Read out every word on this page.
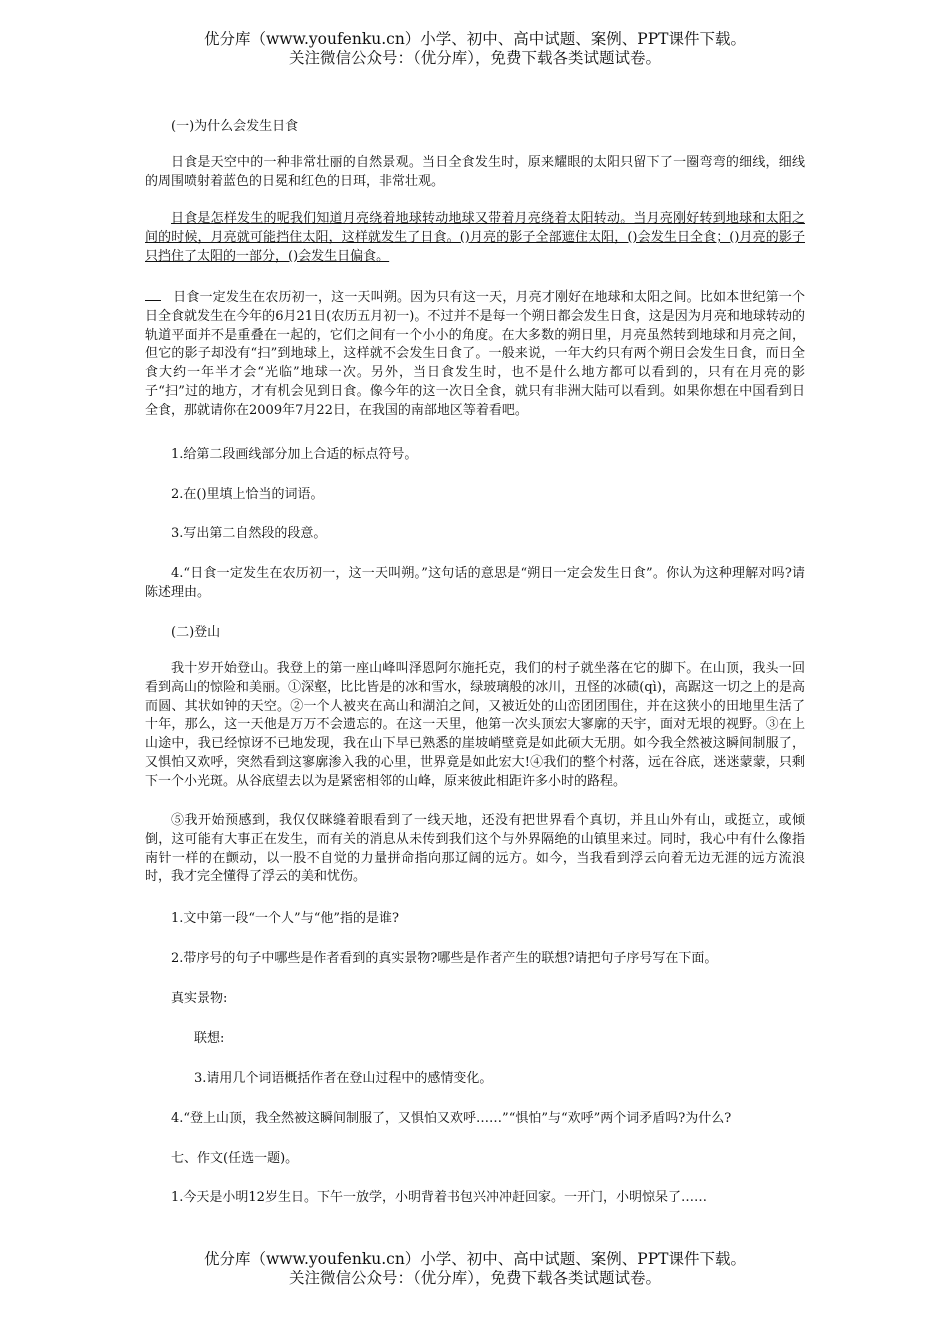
优分库（www.youfenku.cn）小学、初中、高中试题、案例、PPT课件下载。
关注微信公众号：（优分库），免费下载各类试题试卷。
(一)为什么会发生日食
日食是天空中的一种非常壮丽的自然景观。当日全食发生时，原来耀眼的太阳只留下了一圈弯弯的细线，细线的周围喷射着蓝色的日冕和红色的日珥，非常壮观。
日食是怎样发生的呢我们知道月亮绕着地球转动地球又带着月亮绕着太阳转动。当月亮刚好转到地球和太阳之间的时候，月亮就可能挡住太阳，这样就发生了日食。()月亮的影子全部遮住太阳，()会发生日全食；()月亮的影子只挡住了太阳的一部分，()会发生日偏食。
日食一定发生在农历初一，这一天叫朔。因为只有这一天，月亮才刚好在地球和太阳之间。比如本世纪第一个日全食就发生在今年的6月21日(农历五月初一)。不过并不是每一个朔日都会发生日食，这是因为月亮和地球转动的轨道平面并不是重叠在一起的，它们之间有一个小小的角度。在大多数的朔日里，月亮虽然转到地球和月亮之间，但它的影子却没有“扫”到地球上，这样就不会发生日食了。一般来说，一年大约只有两个朔日会发生日食，而日全食大约一年半才会“光临”地球一次。另外，当日食发生时，也不是什么地方都可以看到的，只有在月亮的影子“扫”过的地方，才有机会见到日食。像今年的这一次日全食，就只有非洲大陆可以看到。如果你想在中国看到日全食，那就请你在2009年7月22日，在我国的南部地区等着看吧。
1.给第二段画线部分加上合适的标点符号。
2.在()里填上恰当的词语。
3.写出第二自然段的段意。
4.“日食一定发生在农历初一，这一天叫朔。”这句话的意思是“朔日一定会发生日食”。你认为这种理解对吗?请陈述理由。
(二)登山
我十岁开始登山。我登上的第一座山峰叫泽恩阿尔施托克，我们的村子就坐落在它的脚下。在山顶，我头一回看到高山的惊险和美丽。①深壑，比比皆是的冰和雪水，绿玻璃般的冰川，丑怪的冰碛(qì)，高踞这一切之上的是高而圆、其状如钟的天空。②一个人被夹在高山和湖泊之间，又被近处的山峦团团围住，并在这狭小的田地里生活了十年，那么，这一天他是万万不会遗忘的。在这一天里，他第一次头顶宏大寥廓的天宇，面对无垠的视野。③在上山途中，我已经惊讶不已地发现，我在山下早已熟悉的崖坡峭壁竟是如此硕大无朋。如今我全然被这瞬间制服了，又惧怕又欢呼，突然看到这寥廓渗入我的心里，世界竟是如此宏大!④我们的整个村落，远在谷底，迷迷蒙蒙，只剩下一个小光斑。从谷底望去以为是紧密相邻的山峰，原来彼此相距许多小时的路程。
⑤我开始预感到，我仅仅眯缝着眼看到了一线天地，还没有把世界看个真切，并且山外有山，或挺立，或倾倒，这可能有大事正在发生，而有关的消息从未传到我们这个与外界隔绝的山镇里来过。同时，我心中有什么像指南针一样的在颤动，以一股不自觉的力量拼命指向那辽阔的远方。如今，当我看到浮云向着无边无涯的远方流浪时，我才完全懂得了浮云的美和忧伤。
1.文中第一段“一个人”与“他”指的是谁?
2.带序号的句子中哪些是作者看到的真实景物?哪些是作者产生的联想?请把句子序号写在下面。
真实景物:
联想:
3.请用几个词语概括作者在登山过程中的感情变化。
4.“登上山顶，我全然被这瞬间制服了，又惧怕又欢呼……”“惧怕”与“欢呼”两个词矛盾吗?为什么?
七、作文(任选一题)。
1.今天是小明12岁生日。下午一放学，小明背着书包兴冲冲赶回家。一开门，小明惊呆了……
优分库（www.youfenku.cn）小学、初中、高中试题、案例、PPT课件下载。
关注微信公众号：（优分库），免费下载各类试题试卷。
